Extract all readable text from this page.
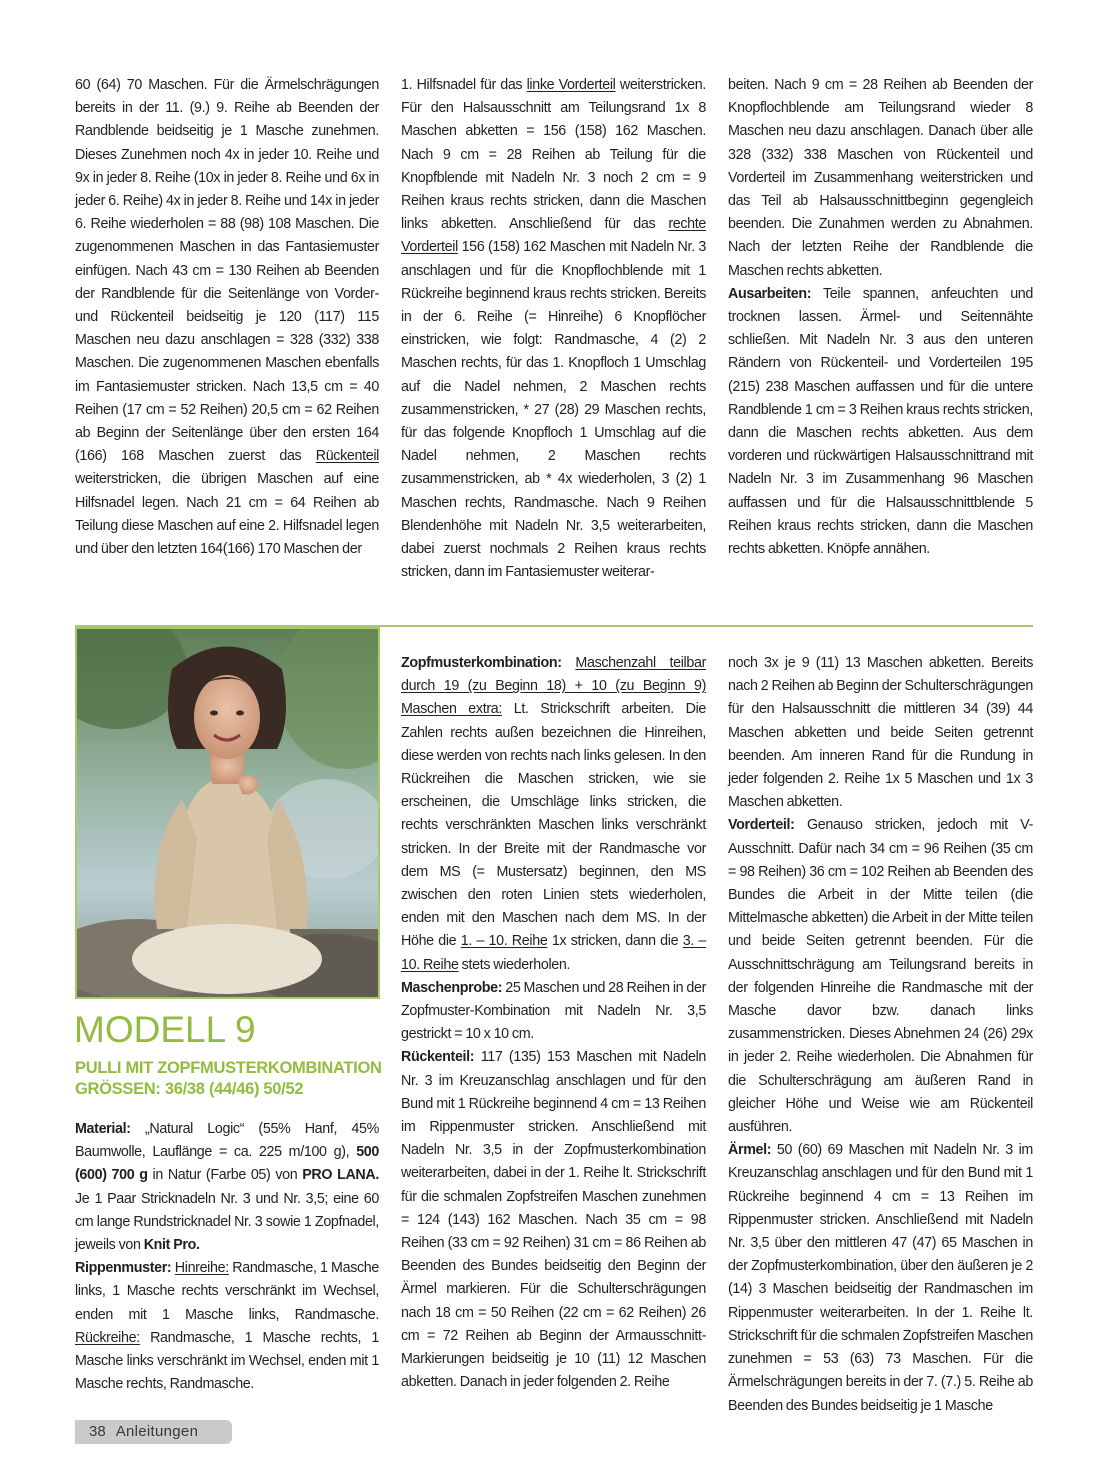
60 (64) 70 Maschen. Für die Ärmelschrägungen bereits in der 11. (9.) 9. Reihe ab Beenden der Randblende beidseitig je 1 Masche zunehmen. Dieses Zunehmen noch 4x in jeder 10. Reihe und 9x in jeder 8. Reihe (10x in jeder 8. Reihe und 6x in jeder 6. Reihe) 4x in jeder 8. Reihe und 14x in jeder 6. Reihe wiederholen = 88 (98) 108 Maschen. Die zugenommenen Maschen in das Fantasiemuster einfügen. Nach 43 cm = 130 Reihen ab Beenden der Randblende für die Seitenlänge von Vorder- und Rückenteil beidseitig je 120 (117) 115 Maschen neu dazu anschlagen = 328 (332) 338 Maschen. Die zugenommenen Maschen ebenfalls im Fantasiemuster stricken. Nach 13,5 cm = 40 Reihen (17 cm = 52 Reihen) 20,5 cm = 62 Reihen ab Beginn der Seitenlänge über den ersten 164 (166) 168 Maschen zuerst das Rückenteil weiterstricken, die übrigen Maschen auf eine Hilfsnadel legen. Nach 21 cm = 64 Reihen ab Teilung diese Maschen auf eine 2. Hilfsnadel legen und über den letzten 164(166) 170 Maschen der

1. Hilfsnadel für das linke Vorderteil weiterstricken. Für den Halsausschnitt am Teilungsrand 1x 8 Maschen abketten = 156 (158) 162 Maschen. Nach 9 cm = 28 Reihen ab Teilung für die Knopfblende mit Nadeln Nr. 3 noch 2 cm = 9 Reihen kraus rechts stricken, dann die Maschen links abketten. Anschließend für das rechte Vorderteil 156 (158) 162 Maschen mit Nadeln Nr. 3 anschlagen und für die Knopflochblende mit 1 Rückreihe beginnend kraus rechts stricken. Bereits in der 6. Reihe (= Hinreihe) 6 Knopflöcher einstricken, wie folgt: Randmasche, 4 (2) 2 Maschen rechts, für das 1. Knopfloch 1 Umschlag auf die Nadel nehmen, 2 Maschen rechts zusammenstricken, * 27 (28) 29 Maschen rechts, für das folgende Knopfloch 1 Umschlag auf die Nadel nehmen, 2 Maschen rechts zusammenstricken, ab * 4x wiederholen, 3 (2) 1 Maschen rechts, Randmasche. Nach 9 Reihen Blendenhöhe mit Nadeln Nr. 3,5 weiterarbeiten, dabei zuerst nochmals 2 Reihen kraus rechts stricken, dann im Fantasiemuster weiterar-

beiten. Nach 9 cm = 28 Reihen ab Beenden der Knopflochblende am Teilungsrand wieder 8 Maschen neu dazu anschlagen. Danach über alle 328 (332) 338 Maschen von Rückenteil und Vorderteil im Zusammenhang weiterstricken und das Teil ab Halsausschnittbeginn gegengleich beenden. Die Zunahmen werden zu Abnahmen. Nach der letzten Reihe der Randblende die Maschen rechts abketten.

Ausarbeiten: Teile spannen, anfeuchten und trocknen lassen. Ärmel- und Seitennähte schließen. Mit Nadeln Nr. 3 aus den unteren Rändern von Rückenteil- und Vorderteilen 195 (215) 238 Maschen auffassen und für die untere Randblende 1 cm = 3 Reihen kraus rechts stricken, dann die Maschen rechts abketten. Aus dem vorderen und rückwärtigen Halsausschnittrand mit Nadeln Nr. 3 im Zusammenhang 96 Maschen auffassen und für die Halsausschnittblende 5 Reihen kraus rechts stricken, dann die Maschen rechts abketten. Knöpfe annähen.

MODELL 9
PULLI MIT ZOPFMUSTERKOMBINATION
GRÖSSEN: 36/38 (44/46) 50/52

Material: „Natural Logic“ (55% Hanf, 45% Baumwolle, Lauflänge = ca. 225 m/100 g), 500 (600) 700 g in Natur (Farbe 05) von PRO LANA. Je 1 Paar Stricknadeln Nr. 3 und Nr. 3,5; eine 60 cm lange Rundstricknadel Nr. 3 sowie 1 Zopfnadel, jeweils von Knit Pro.

Rippenmuster: Hinreihe: Randmasche, 1 Masche links, 1 Masche rechts verschränkt im Wechsel, enden mit 1 Masche links, Randmasche. Rückreihe: Randmasche, 1 Masche rechts, 1 Masche links verschränkt im Wechsel, enden mit 1 Masche rechts, Randmasche.

Zopfmusterkombination: Maschenzahl teilbar durch 19 (zu Beginn 18) + 10 (zu Beginn 9) Maschen extra: Lt. Strickschrift arbeiten. Die Zahlen rechts außen bezeichnen die Hinreihen, diese werden von rechts nach links gelesen. In den Rückreihen die Maschen stricken, wie sie erscheinen, die Umschläge links stricken, die rechts verschränkten Maschen links verschränkt stricken. In der Breite mit der Randmasche vor dem MS (= Mustersatz) beginnen, den MS zwischen den roten Linien stets wiederholen, enden mit den Maschen nach dem MS. In der Höhe die 1. – 10. Reihe 1x stricken, dann die 3. – 10. Reihe stets wiederholen.

Maschenprobe: 25 Maschen und 28 Reihen in der Zopfmuster-Kombination mit Nadeln Nr. 3,5 gestrickt = 10 x 10 cm.

Rückenteil: 117 (135) 153 Maschen mit Nadeln Nr. 3 im Kreuzanschlag anschlagen und für den Bund mit 1 Rückreihe beginnend 4 cm = 13 Reihen im Rippenmuster stricken. Anschließend mit Nadeln Nr. 3,5 in der Zopfmusterkombination weiterarbeiten, dabei in der 1. Reihe lt. Strickschrift für die schmalen Zopfstreifen Maschen zunehmen = 124 (143) 162 Maschen. Nach 35 cm = 98 Reihen (33 cm = 92 Reihen) 31 cm = 86 Reihen ab Beenden des Bundes beidseitig den Beginn der Ärmel markieren. Für die Schulterschrägungen nach 18 cm = 50 Reihen (22 cm = 62 Reihen) 26 cm = 72 Reihen ab Beginn der Armausschnitt-Markierungen beidseitig je 10 (11) 12 Maschen abketten. Danach in jeder folgenden 2. Reihe

noch 3x je 9 (11) 13 Maschen abketten. Bereits nach 2 Reihen ab Beginn der Schulterschrägungen für den Halsausschnitt die mittleren 34 (39) 44 Maschen abketten und beide Seiten getrennt beenden. Am inneren Rand für die Rundung in jeder folgenden 2. Reihe 1x 5 Maschen und 1x 3 Maschen abketten.

Vorderteil: Genauso stricken, jedoch mit V-Ausschnitt. Dafür nach 34 cm = 96 Reihen (35 cm = 98 Reihen) 36 cm = 102 Reihen ab Beenden des Bundes die Arbeit in der Mitte teilen (die Mittelmasche abketten) die Arbeit in der Mitte teilen und beide Seiten getrennt beenden. Für die Ausschnittschrägung am Teilungsrand bereits in der folgenden Hinreihe die Randmasche mit der Masche davor bzw. danach links zusammenstricken. Dieses Abnehmen 24 (26) 29x in jeder 2. Reihe wiederholen. Die Abnahmen für die Schulterschrägung am äußeren Rand in gleicher Höhe und Weise wie am Rückenteil ausführen.

Ärmel: 50 (60) 69 Maschen mit Nadeln Nr. 3 im Kreuzanschlag anschlagen und für den Bund mit 1 Rückreihe beginnend 4 cm = 13 Reihen im Rippenmuster stricken. Anschließend mit Nadeln Nr. 3,5 über den mittleren 47 (47) 65 Maschen in der Zopfmusterkombination, über den äußeren je 2 (14) 3 Maschen beidseitig der Randmaschen im Rippenmuster weiterarbeiten. In der 1. Reihe lt. Strickschrift für die schmalen Zopfstreifen Maschen zunehmen = 53 (63) 73 Maschen. Für die Ärmelschrägungen bereits in der 7. (7.) 5. Reihe ab Beenden des Bundes beidseitig je 1 Masche

38 Anleitungen
